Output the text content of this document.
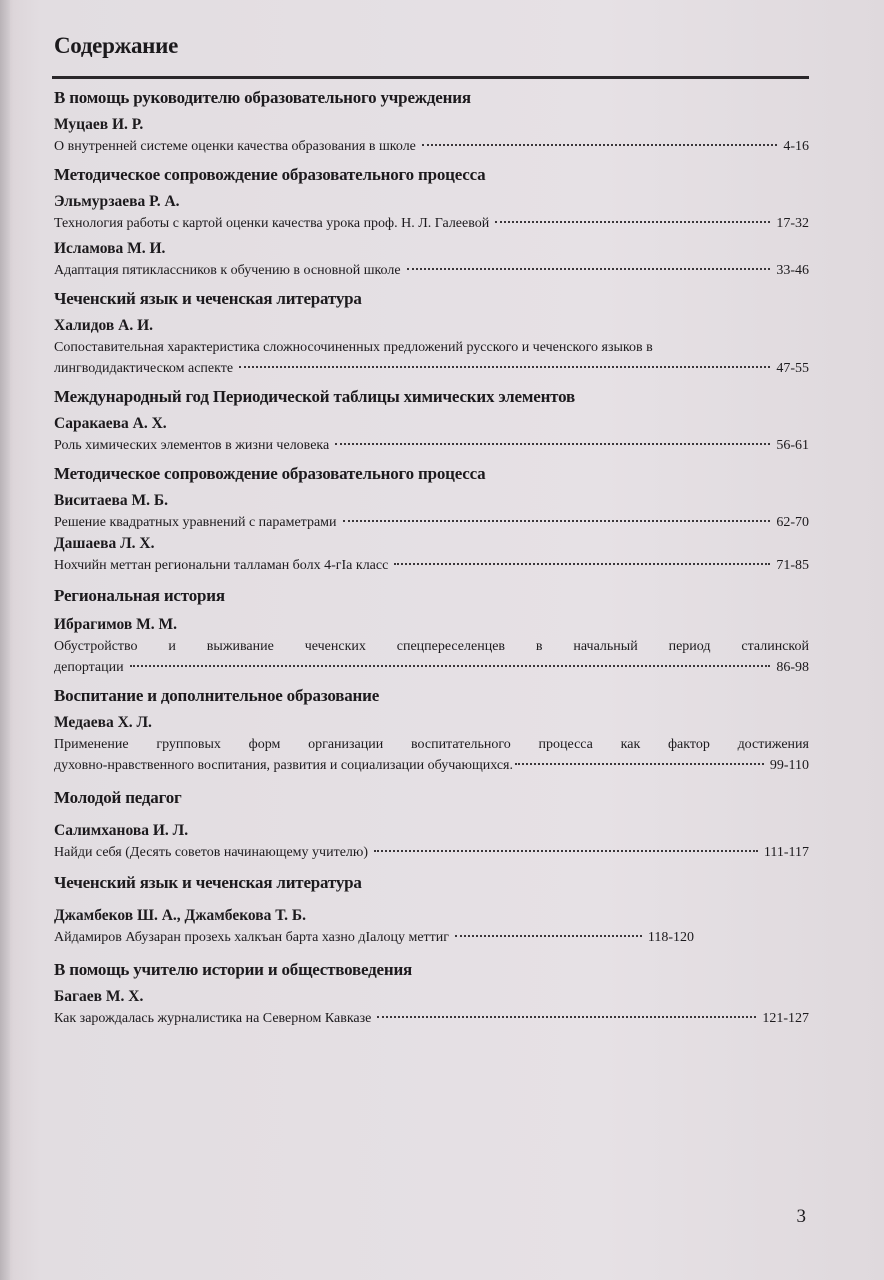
Содержание
В помощь руководителю образовательного учреждения
Муцаев И. Р.
О внутренней системе оценки качества образования в школе	4-16
Методическое сопровождение образовательного процесса
Эльмурзаева Р. А.
Технология работы с картой оценки качества урока проф. Н. Л. Галеевой	17-32
Исламова М. И.
Адаптация пятиклассников к обучению в основной школе	33-46
Чеченский язык и чеченская литература
Халидов А. И.
Сопоставительная характеристика сложносочиненных предложений русского и чеченского языков в
лингводидактическом аспекте	47-55
Международный год Периодической таблицы химических элементов
Саракаева А. Х.
Роль химических элементов в жизни человека	56-61
Методическое сопровождение образовательного процесса
Виситаева М. Б.
Решение квадратных уравнений с параметрами	62-70
Дашаева Л. Х.
Нохчийн меттан региональни талламан болх 4-гIа класс	71-85
Региональная история
Ибрагимов М. М.
Обустройство и выживание чеченских спецпереселенцев в начальный период сталинской
депортации	86-98
Воспитание и дополнительное образование
Медаева Х. Л.
Применение групповых форм организации воспитательного процесса как фактор достижения
духовно-нравственного воспитания, развития и социализации обучающихся.	99-110
Молодой педагог
Салимханова И. Л.
Найди себя (Десять советов начинающему учителю)	111-117
Чеченский язык и чеченская литература
Джамбеков Ш. А., Джамбекова Т. Б.
Айдамиров Абузаран прозехь халкъан барта хазно дIалоцу меттиг	118-120
В помощь учителю истории и обществоведения
Багаев М. Х.
Как зарождалась журналистика на Северном Кавказе	121-127
3
